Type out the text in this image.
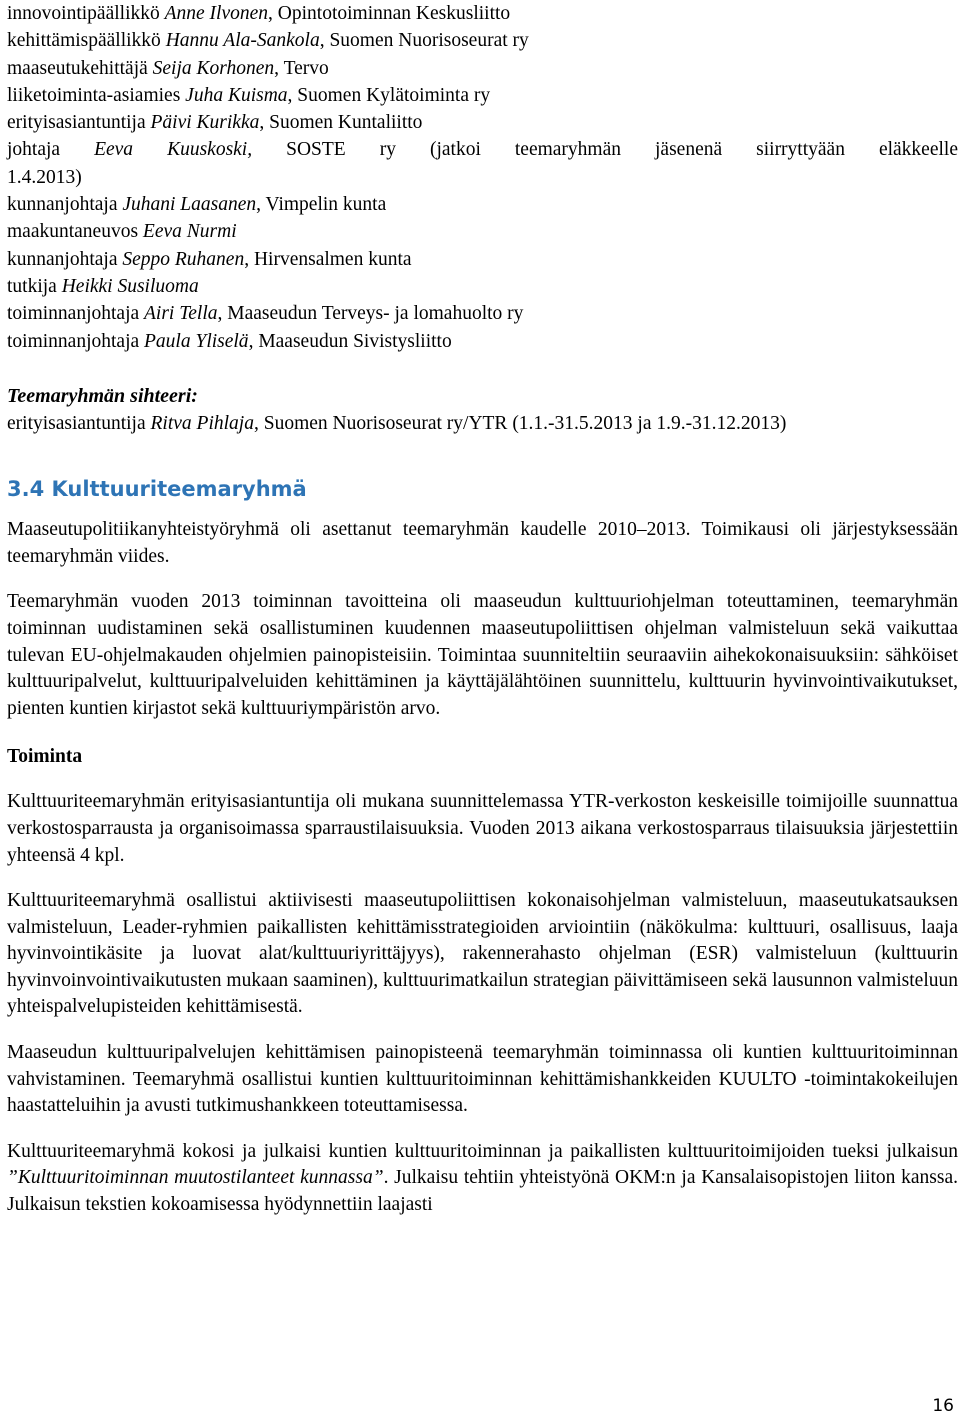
innovointipäällikkö Anne Ilvonen, Opintotoiminnan Keskusliitto
kehittämispäällikkö Hannu Ala-Sankola, Suomen Nuorisoseurat ry
maaseutukehittäjä Seija Korhonen, Tervo
liiketoiminta-asiamies Juha Kuisma, Suomen Kylätoiminta ry
erityisasiantuntija Päivi Kurikka, Suomen Kuntaliitto
johtaja Eeva Kuuskoski, SOSTE ry (jatkoi teemaryhmän jäsenenä siirryttyään eläkkeelle
1.4.2013)
kunnanjohtaja Juhani Laasanen, Vimpelin kunta
maakuntaneuvos Eeva Nurmi
kunnanjohtaja Seppo Ruhanen, Hirvensalmen kunta
tutkija Heikki Susiluoma
toiminnanjohtaja Airi Tella, Maaseudun Terveys- ja lomahuolto ry
toiminnanjohtaja Paula Yliselä, Maaseudun Sivistysliitto
Teemaryhmän sihteeri:
erityisasiantuntija Ritva Pihlaja, Suomen Nuorisoseurat ry/YTR (1.1.-31.5.2013 ja 1.9.-31.12.2013)
3.4 Kulttuuriteemaryhmä
Maaseutupolitiikanyhteistyöryhmä oli asettanut teemaryhmän kaudelle 2010–2013. Toimikausi oli järjestyksessään teemaryhmän viides.
Teemaryhmän vuoden 2013 toiminnan tavoitteina oli maaseudun kulttuuriohjelman toteuttaminen, teemaryhmän toiminnan uudistaminen sekä osallistuminen kuudennen maaseutupoliittisen ohjelman valmisteluun sekä vaikuttaa tulevan EU-ohjelmakauden ohjelmien painopisteisiin. Toimintaa suunniteltiin seuraaviin aihekokonaisuuksiin: sähköiset kulttuuripalvelut, kulttuuripalveluiden kehittäminen ja käyttäjälähtöinen suunnittelu, kulttuurin hyvinvointivaikutukset, pienten kuntien kirjastot sekä kulttuuriympäristön arvo.
Toiminta
Kulttuuriteemaryhmän erityisasiantuntija oli mukana suunnittelemassa YTR-verkoston keskeisille toimijoille suunnattua verkostosparrausta ja organisoimassa sparraustilaisuuksia. Vuoden 2013 aikana verkostosparraus tilaisuuksia järjestettiin yhteensä 4 kpl.
Kulttuuriteemaryhmä osallistui aktiivisesti maaseutupoliittisen kokonaisohjelman valmisteluun, maaseutukatsauksen valmisteluun, Leader-ryhmien paikallisten kehittämisstrategioiden arviointiin (näkökulma: kulttuuri, osallisuus, laaja hyvinvointikäsite ja luovat alat/kulttuuriyrittäjyys), rakennerahasto ohjelman (ESR) valmisteluun (kulttuurin hyvinvoinvointivaikutusten mukaan saaminen), kulttuurimatkailun strategian päivittämiseen sekä lausunnon valmisteluun yhteispalvelupisteiden kehittämisestä.
Maaseudun kulttuuripalvelujen kehittämisen painopisteenä teemaryhmän toiminnassa oli kuntien kulttuuritoiminnan vahvistaminen. Teemaryhmä osallistui kuntien kulttuuritoiminnan kehittämishankkeiden KUULTO -toimintakokeilujen haastatteluihin ja avusti tutkimushankkeen toteuttamisessa.
Kulttuuriteemaryhmä kokosi ja julkaisi kuntien kulttuuritoiminnan ja paikallisten kulttuuritoimijoiden tueksi julkaisun ”Kulttuuritoiminnan muutostilanteet kunnassa”. Julkaisu tehtiin yhteistyönä OKM:n ja Kansalaisopistojen liiton kanssa. Julkaisun tekstien kokoamisessa hyödynnettiin laajasti
16
